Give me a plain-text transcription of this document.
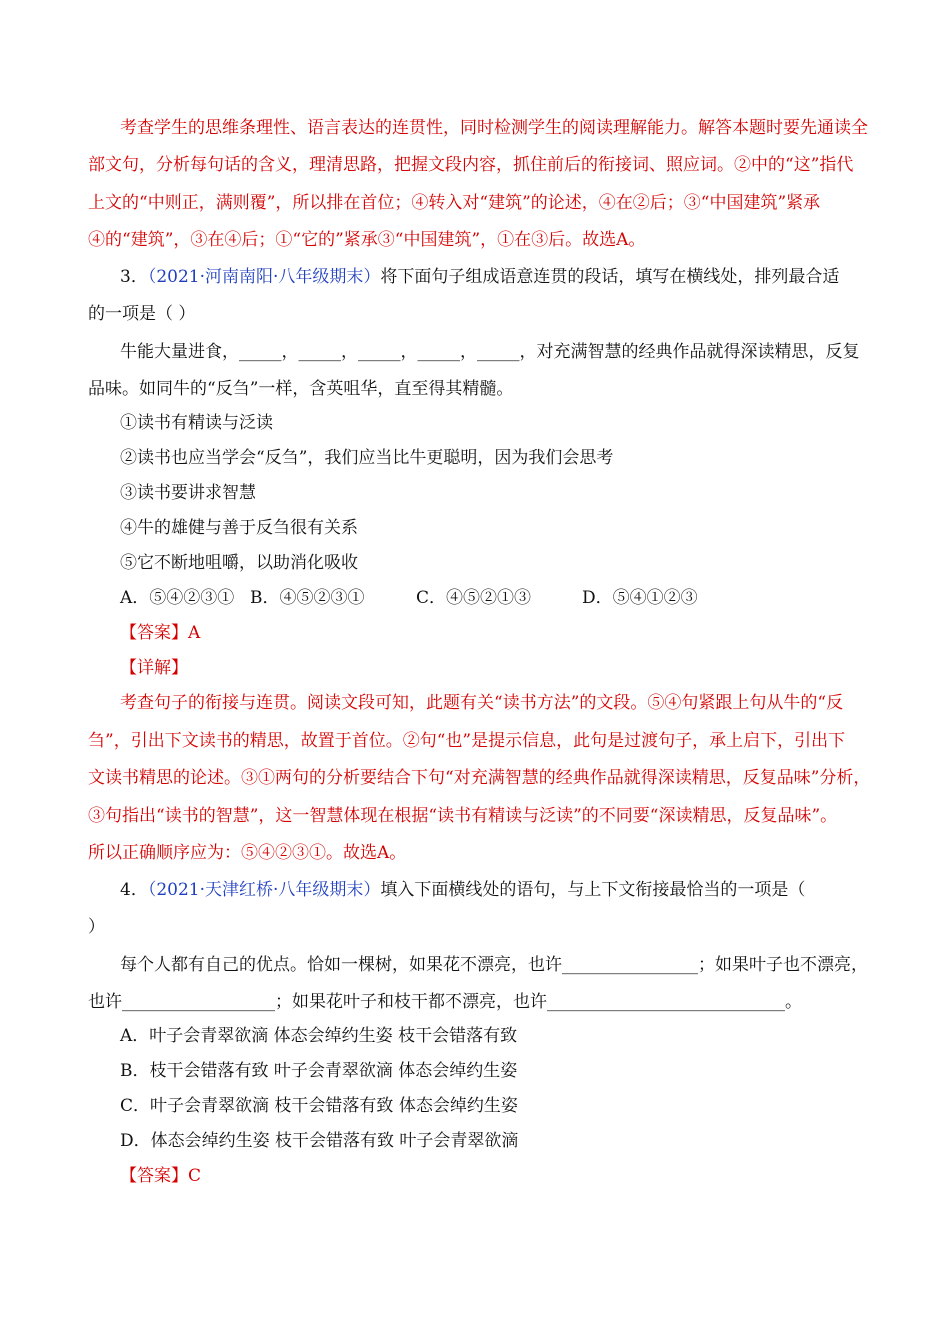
考查学生的思维条理性、语言表达的连贯性，同时检测学生的阅读理解能力。解答本题时要先通读全
部文句，分析每句话的含义，理清思路，把握文段内容，抓住前后的衔接词、照应词。②中的“这”指代
上文的“中则正，满则覆”，所以排在首位；④转入对“建筑”的论述，④在②后；③“中国建筑”紧承
④的“建筑”，③在④后；①“它的”紧承③“中国建筑”，①在③后。故选A。
3．（2021·河南南阳·八年级期末）将下面句子组成语意连贯的段话，填写在横线处，排列最合适
的一项是（ ）
牛能大量进食，_____，_____，_____，_____，_____，对充满智慧的经典作品就得深读精思，反复
品味。如同牛的“反刍”一样，含英咀华，直至得其精髓。
①读书有精读与泛读
②读书也应当学会“反刍”，我们应当比牛更聪明，因为我们会思考
③读书要讲求智慧
④牛的雄健与善于反刍很有关系
⑤它不断地咀嚼，以助消化吸收
A．⑤④②③① B．④⑤②③①	C．④⑤②①③	D．⑤④①②③
【答案】A
【详解】
考查句子的衔接与连贯。阅读文段可知，此题有关“读书方法”的文段。⑤④句紧跟上句从牛的“反
刍”，引出下文读书的精思，故置于首位。②句“也”是提示信息，此句是过渡句子，承上启下，引出下
文读书精思的论述。③①两句的分析要结合下句“对充满智慧的经典作品就得深读精思，反复品味”分析，
③句指出“读书的智慧”，这一智慧体现在根据“读书有精读与泛读”的不同要“深读精思，反复品味”。
所以正确顺序应为：⑤④②③①。故选A。
4．（2021·天津红桥·八年级期末）填入下面横线处的语句，与上下文衔接最恰当的一项是（
）
每个人都有自己的优点。恰如一棵树，如果花不漂亮，也许________________；如果叶子也不漂亮，
也许__________________；如果花叶子和枝干都不漂亮，也许____________________________。
A．叶子会青翠欲滴 体态会绰约生姿 枝干会错落有致
B．枝干会错落有致 叶子会青翠欲滴 体态会绰约生姿
C．叶子会青翠欲滴 枝干会错落有致 体态会绰约生姿
D．体态会绰约生姿 枝干会错落有致 叶子会青翠欲滴
【答案】C
